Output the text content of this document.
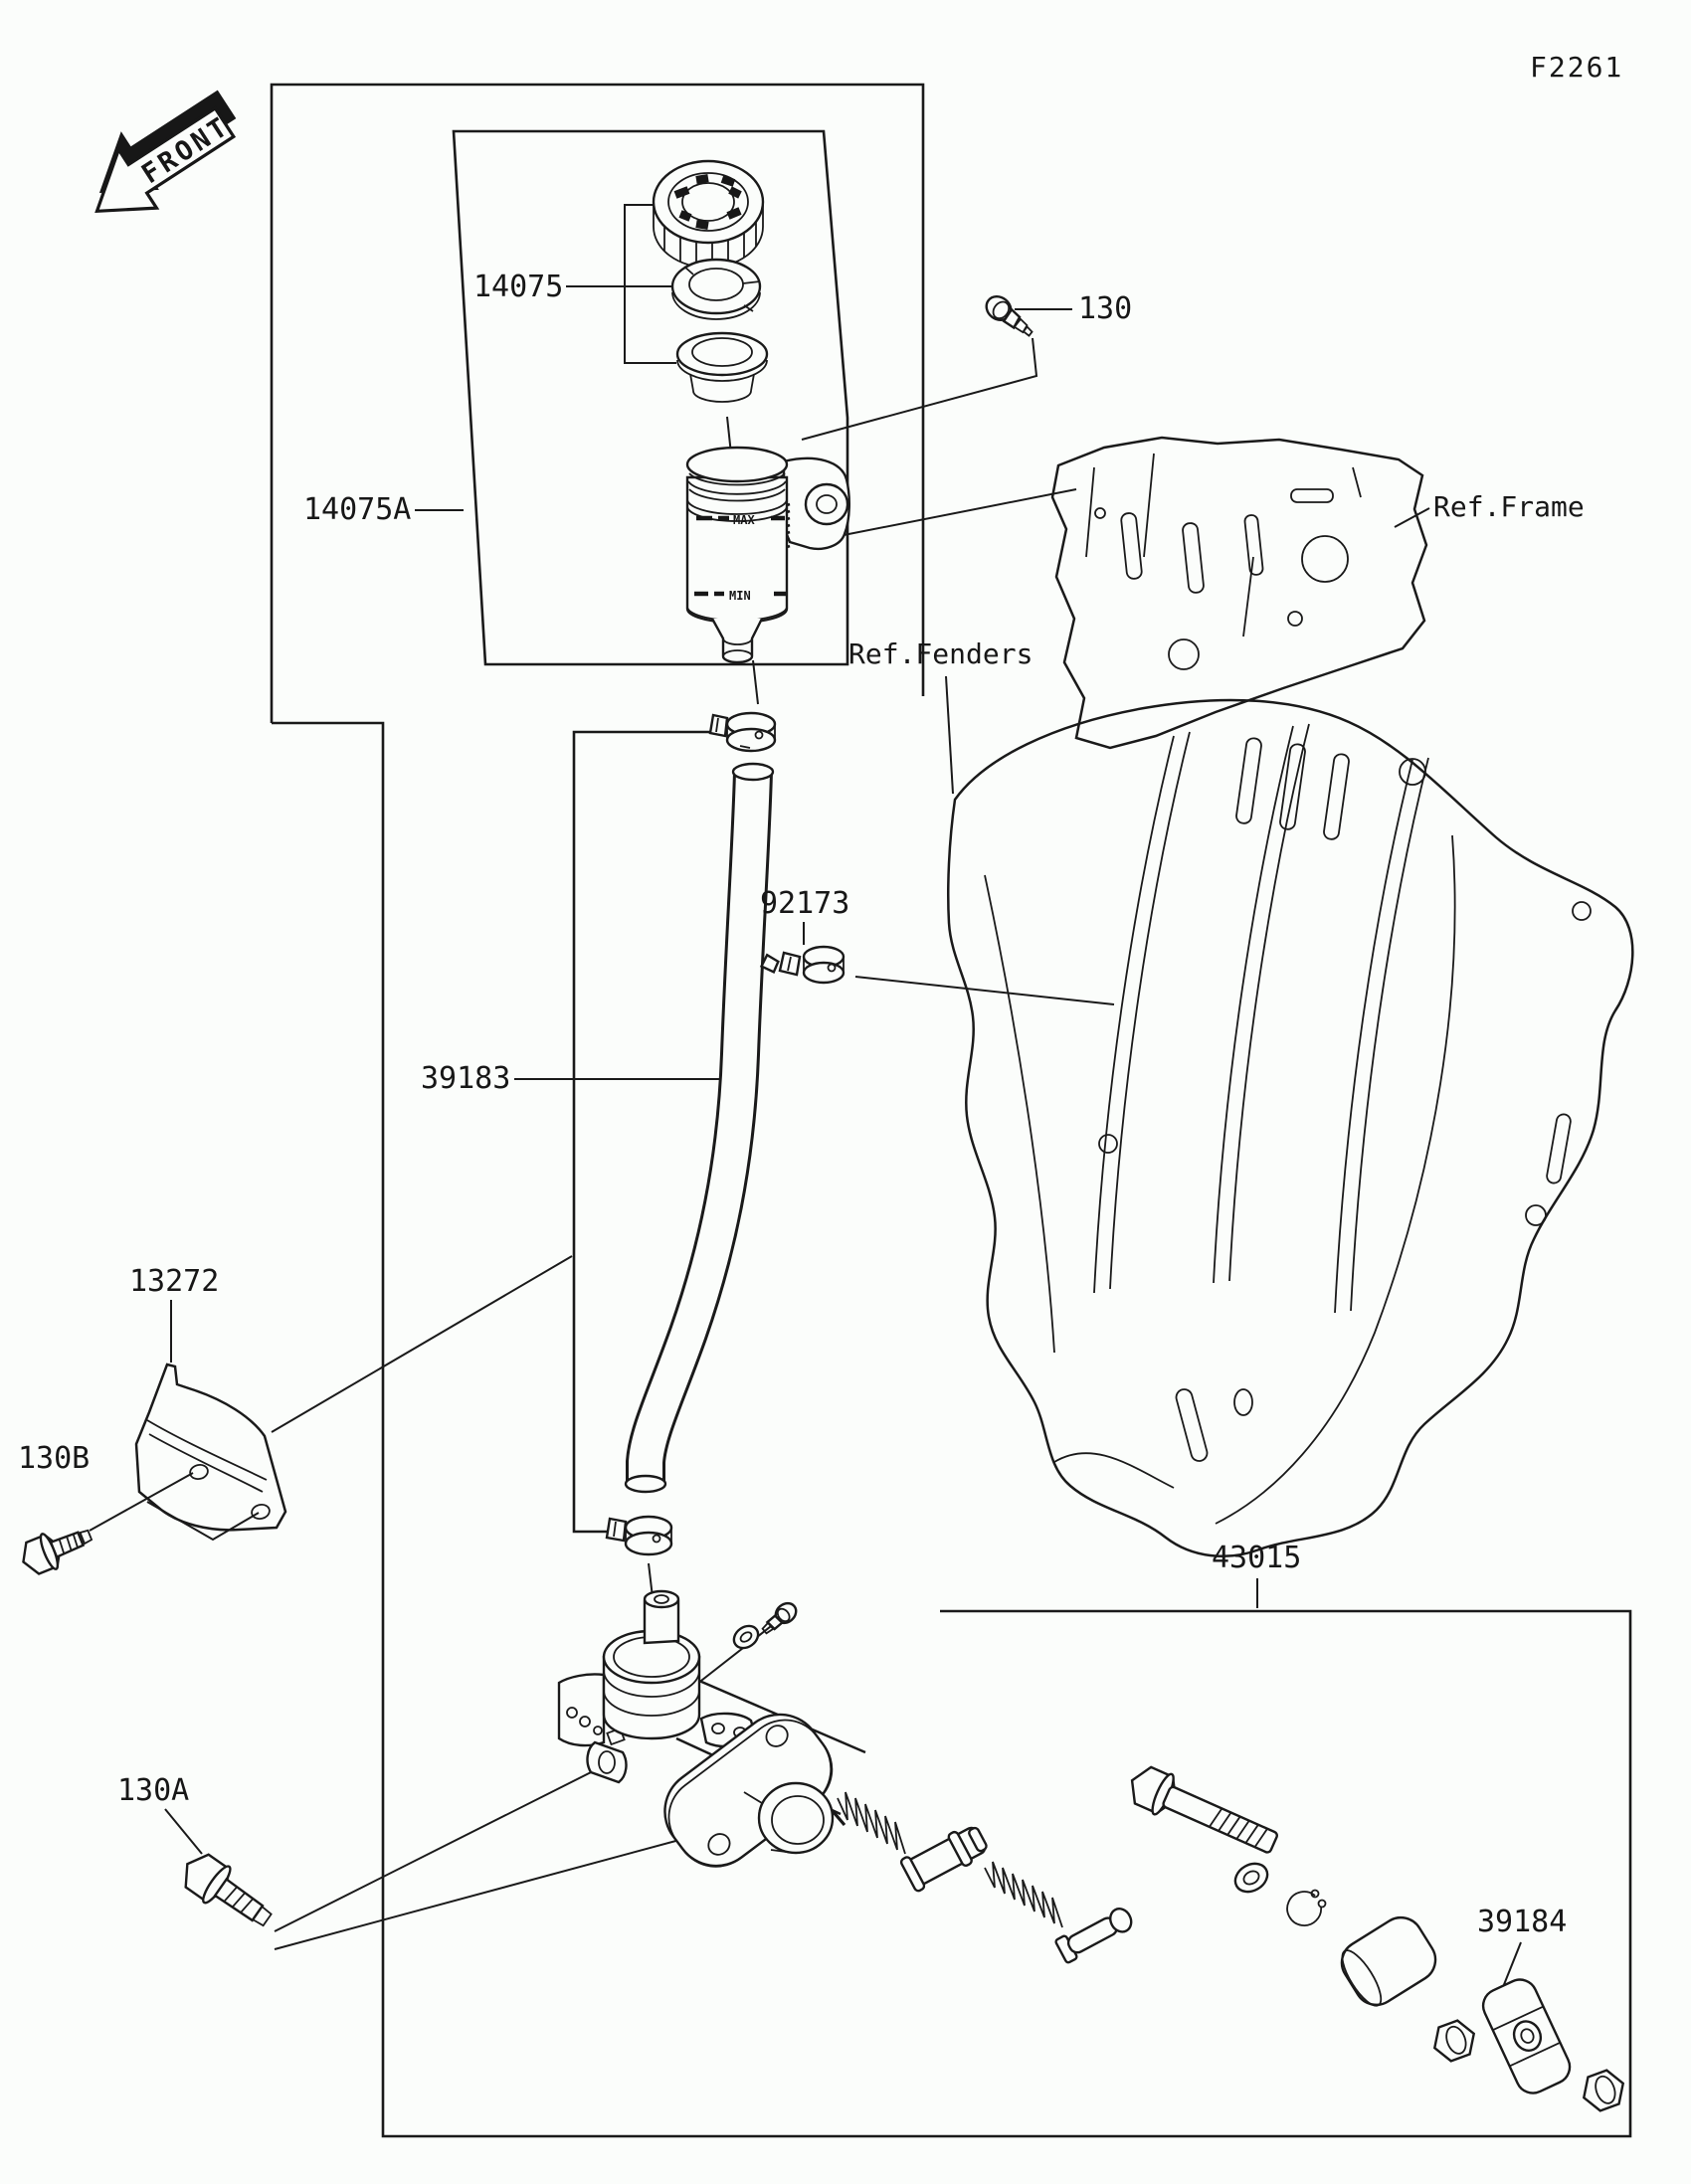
FRONT
MAX
MIN
F2261
14075
14075A
130
Ref.Frame
Ref.Fenders
92173
39183
13272
130B
130A
43015
39184
